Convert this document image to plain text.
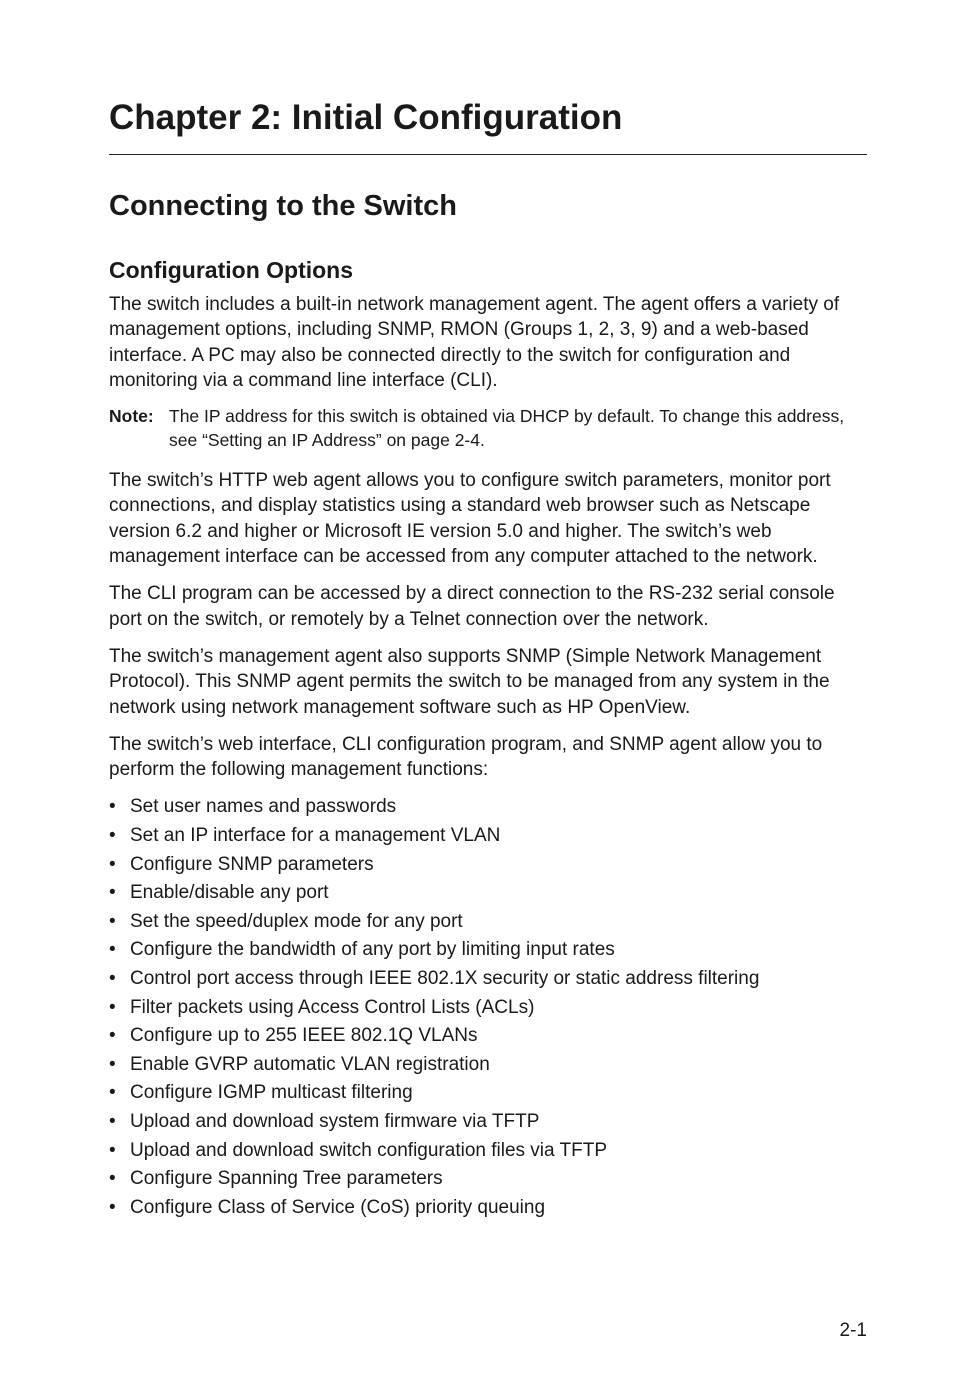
Chapter 2: Initial Configuration
Connecting to the Switch
Configuration Options

The switch includes a built-in network management agent. The agent offers a variety of management options, including SNMP, RMON (Groups 1, 2, 3, 9) and a web-based interface. A PC may also be connected directly to the switch for configuration and monitoring via a command line interface (CLI).

Note: The IP address for this switch is obtained via DHCP by default. To change this address, see “Setting an IP Address” on page 2-4.

The switch’s HTTP web agent allows you to configure switch parameters, monitor port connections, and display statistics using a standard web browser such as Netscape version 6.2 and higher or Microsoft IE version 5.0 and higher. The switch’s web management interface can be accessed from any computer attached to the network.

The CLI program can be accessed by a direct connection to the RS-232 serial console port on the switch, or remotely by a Telnet connection over the network.

The switch’s management agent also supports SNMP (Simple Network Management Protocol). This SNMP agent permits the switch to be managed from any system in the network using network management software such as HP OpenView.

The switch’s web interface, CLI configuration program, and SNMP agent allow you to perform the following management functions:

• Set user names and passwords
• Set an IP interface for a management VLAN
• Configure SNMP parameters
• Enable/disable any port
• Set the speed/duplex mode for any port
• Configure the bandwidth of any port by limiting input rates
• Control port access through IEEE 802.1X security or static address filtering
• Filter packets using Access Control Lists (ACLs)
• Configure up to 255 IEEE 802.1Q VLANs
• Enable GVRP automatic VLAN registration
• Configure IGMP multicast filtering
• Upload and download system firmware via TFTP
• Upload and download switch configuration files via TFTP
• Configure Spanning Tree parameters
• Configure Class of Service (CoS) priority queuing
2-1
